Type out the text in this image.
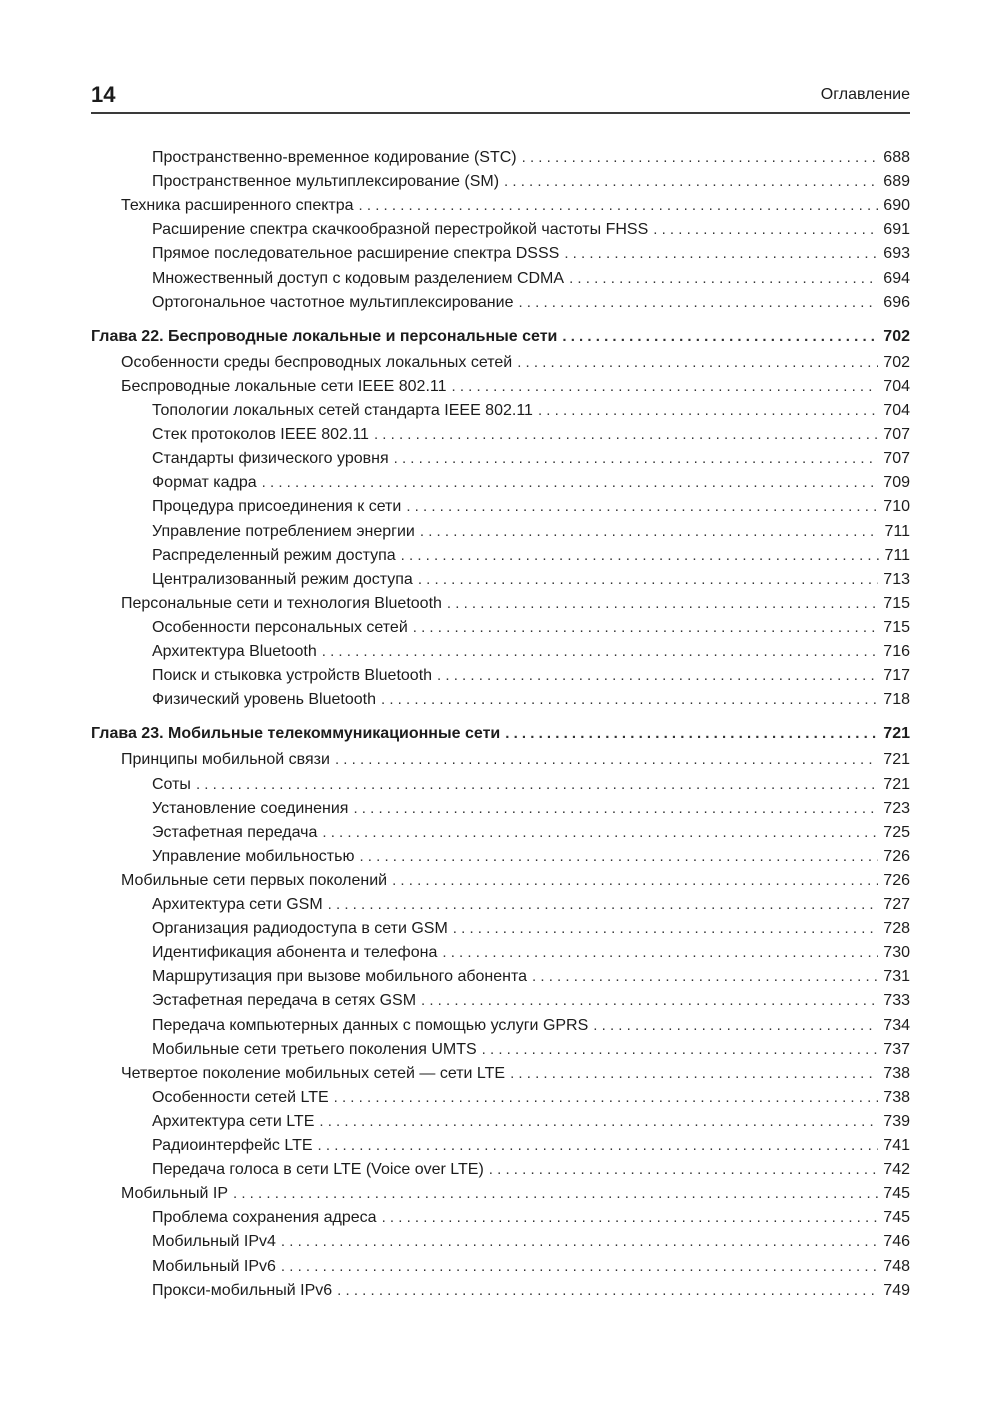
14	Оглавление
Пространственно-временное кодирование (STC) . . .	688
Пространственное мультиплексирование (SM) . . .	689
Техника расширенного спектра . . .	690
Расширение спектра скачкообразной перестройкой частоты FHSS . . .	691
Прямое последовательное расширение спектра DSSS . . .	693
Множественный доступ с кодовым разделением CDMA . . .	694
Ортогональное частотное мультиплексирование . . .	696
Глава 22. Беспроводные локальные и персональные сети . . .	702
Особенности среды беспроводных локальных сетей . . .	702
Беспроводные локальные сети IEEE 802.11 . . .	704
Топологии локальных сетей стандарта IEEE 802.11 . . .	704
Стек протоколов IEEE 802.11 . . .	707
Стандарты физического уровня . . .	707
Формат кадра . . .	709
Процедура присоединения к сети . . .	710
Управление потреблением энергии . . .	711
Распределенный режим доступа . . .	711
Централизованный режим доступа . . .	713
Персональные сети и технология Bluetooth . . .	715
Особенности персональных сетей . . .	715
Архитектура Bluetooth . . .	716
Поиск и стыковка устройств Bluetooth . . .	717
Физический уровень Bluetooth . . .	718
Глава 23. Мобильные телекоммуникационные сети . . .	721
Принципы мобильной связи . . .	721
Соты . . .	721
Установление соединения . . .	723
Эстафетная передача . . .	725
Управление мобильностью . . .	726
Мобильные сети первых поколений . . .	726
Архитектура сети GSM . . .	727
Организация радиодоступа в сети GSM . . .	728
Идентификация абонента и телефона . . .	730
Маршрутизация при вызове мобильного абонента . . .	731
Эстафетная передача в сетях GSM . . .	733
Передача компьютерных данных с помощью услуги GPRS . . .	734
Мобильные сети третьего поколения UMTS . . .	737
Четвертое поколение мобильных сетей — сети LTE . . .	738
Особенности сетей LTE . . .	738
Архитектура сети LTE . . .	739
Радиоинтерфейс LTE . . .	741
Передача голоса в сети LTE (Voice over LTE) . . .	742
Мобильный IP . . .	745
Проблема сохранения адреса . . .	745
Мобильный IPv4 . . .	746
Мобильный IPv6 . . .	748
Прокси-мобильный IPv6 . . .	749
